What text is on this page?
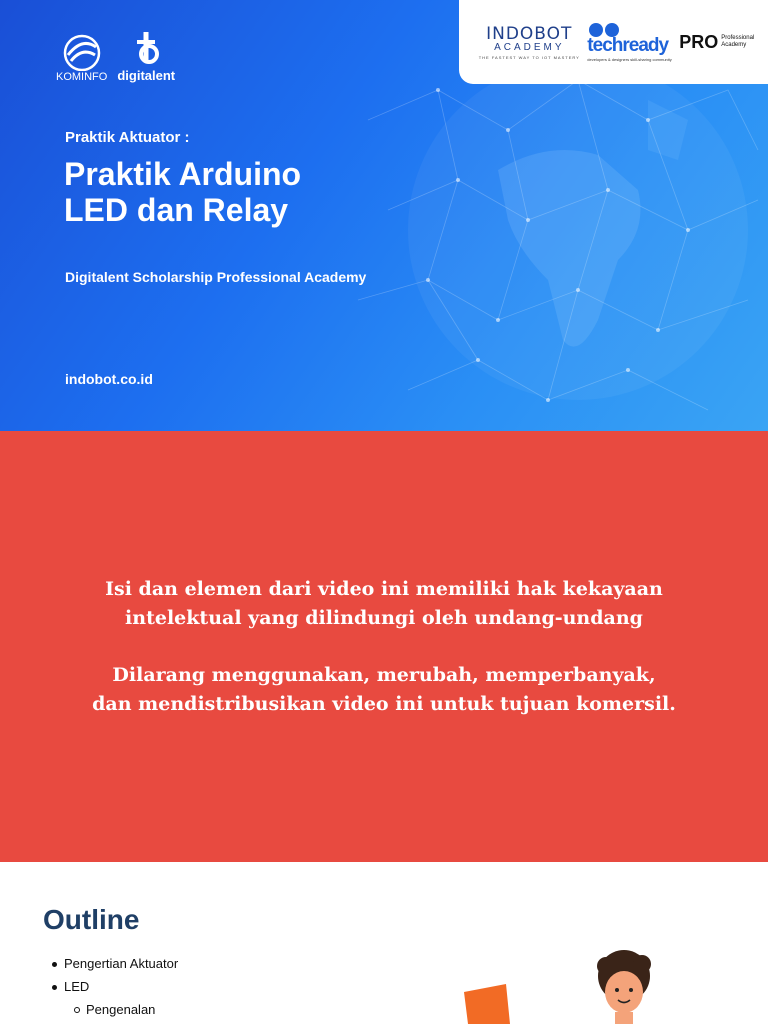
KOMINFO digitalent
INDOBOT
ACADEMY
THE FASTEST WAY TO IOT MASTERY
techready
developers & designers skill-sharing community
PRO Professional
Academy
Praktik Aktuator :
Praktik Arduino
LED dan Relay
Digitalent Scholarship Professional Academy
indobot.co.id

Isi dan elemen dari video ini memiliki hak kekayaan
intelektual yang dilindungi oleh undang-undang

Dilarang menggunakan, merubah, memperbanyak,
dan mendistribusikan video ini untuk tujuan komersil.

Outline
Pengertian Aktuator
LED
Pengenalan
